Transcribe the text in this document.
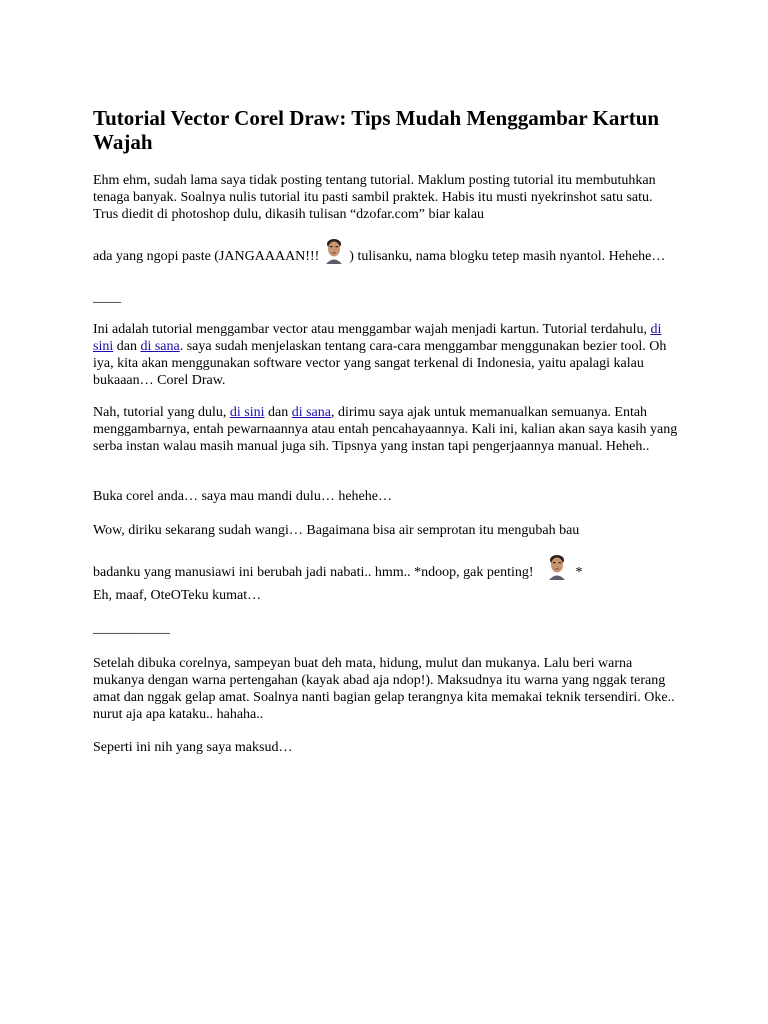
Tutorial Vector Corel Draw: Tips Mudah Menggambar Kartun Wajah

Ehm ehm, sudah lama saya tidak posting tentang tutorial. Maklum posting tutorial itu membutuhkan tenaga banyak. Soalnya nulis tutorial itu pasti sambil praktek. Habis itu musti nyekrinshot satu satu. Trus diedit di photoshop dulu, dikasih tulisan “dzofar.com” biar kalau

ada yang ngopi paste (JANGAAAAN!!! ) tulisanku, nama blogku tetep masih nyantol. Hehehe…

____

Ini adalah tutorial menggambar vector atau menggambar wajah menjadi kartun. Tutorial terdahulu, di sini dan di sana. saya sudah menjelaskan tentang cara-cara menggambar menggunakan bezier tool. Oh iya, kita akan menggunakan software vector yang sangat terkenal di Indonesia, yaitu apalagi kalau bukaaan… Corel Draw.

Nah, tutorial yang dulu, di sini dan di sana, dirimu saya ajak untuk memanualkan semuanya. Entah menggambarnya, entah pewarnaannya atau entah pencahayaannya. Kali ini, kalian akan saya kasih yang serba instan walau masih manual juga sih. Tipsnya yang instan tapi pengerjaannya manual. Heheh..

Buka corel anda… saya mau mandi dulu… hehehe…

Wow, diriku sekarang sudah wangi… Bagaimana bisa air semprotan itu mengubah bau

badanku yang manusiawi ini berubah jadi nabati.. hmm.. *ndoop, gak penting!	*

Eh, maaf, OteOTeku kumat…

___________

Setelah dibuka corelnya, sampeyan buat deh mata, hidung, mulut dan mukanya. Lalu beri warna mukanya dengan warna pertengahan (kayak abad aja ndop!). Maksudnya itu warna yang nggak terang amat dan nggak gelap amat. Soalnya nanti bagian gelap terangnya kita memakai teknik tersendiri. Oke.. nurut aja apa kataku.. hahaha..

Seperti ini nih yang saya maksud…
